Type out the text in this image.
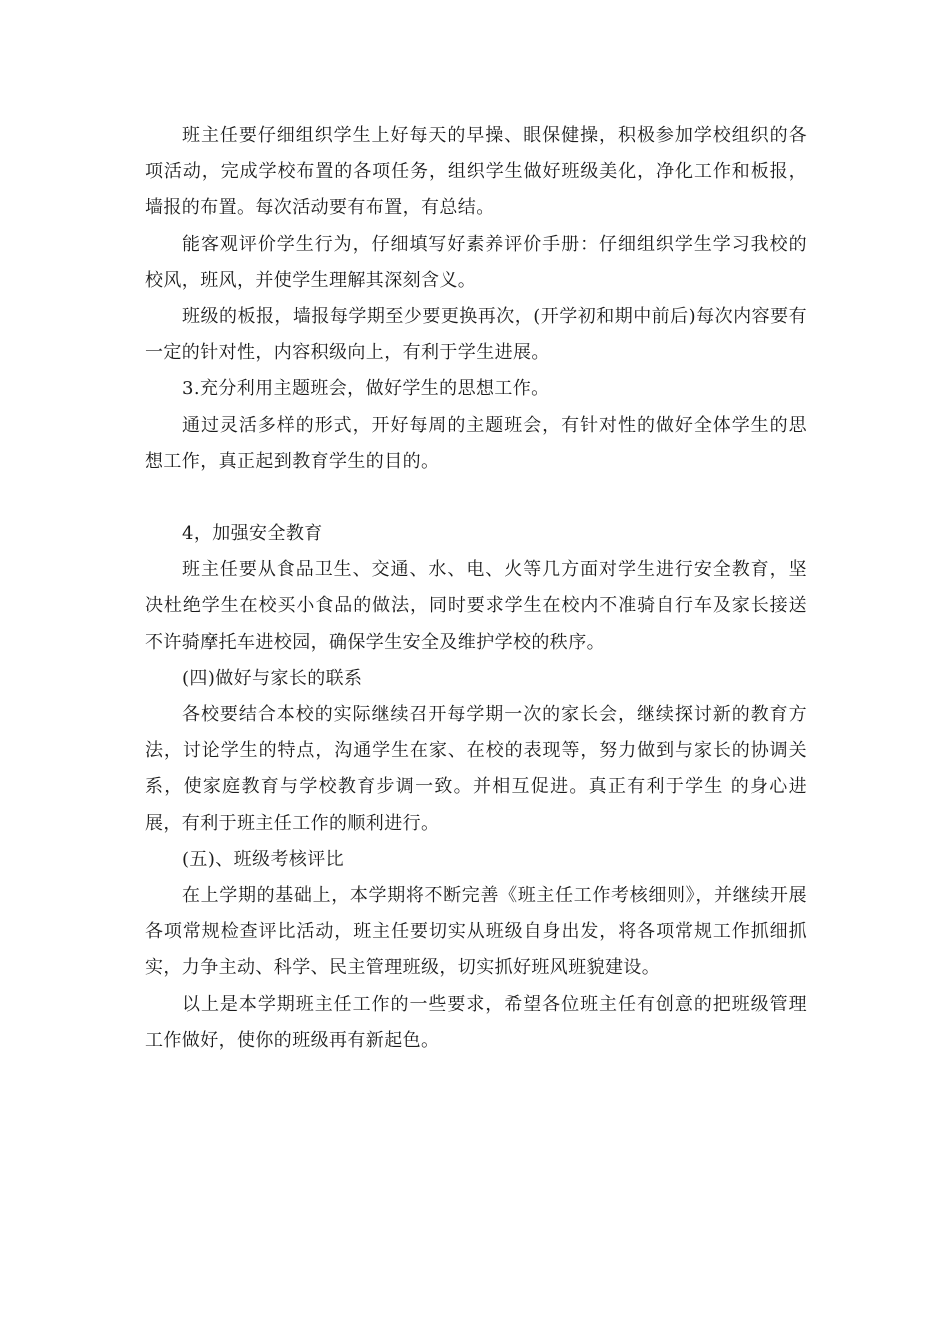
班主任要仔细组织学生上好每天的早操、眼保健操，积极参加学校组织的各项活动，完成学校布置的各项任务，组织学生做好班级美化，净化工作和板报，墙报的布置。每次活动要有布置，有总结。

能客观评价学生行为，仔细填写好素养评价手册：仔细组织学生学习我校的校风，班风，并使学生理解其深刻含义。

班级的板报，墙报每学期至少要更换再次，(开学初和期中前后)每次内容要有一定的针对性，内容积级向上，有利于学生进展。

3.充分利用主题班会，做好学生的思想工作。

通过灵活多样的形式，开好每周的主题班会，有针对性的做好全体学生的思想工作，真正起到教育学生的目的。

4，加强安全教育

班主任要从食品卫生、交通、水、电、火等几方面对学生进行安全教育，坚决杜绝学生在校买小食品的做法，同时要求学生在校内不准骑自行车及家长接送不许骑摩托车进校园，确保学生安全及维护学校的秩序。

(四)做好与家长的联系

各校要结合本校的实际继续召开每学期一次的家长会，继续探讨新的教育方法，讨论学生的特点，沟通学生在家、在校的表现等，努力做到与家长的协调关系，使家庭教育与学校教育步调一致。并相互促进。真正有利于学生 的身心进展，有利于班主任工作的顺利进行。

(五)、班级考核评比

在上学期的基础上，本学期将不断完善《班主任工作考核细则》，并继续开展各项常规检查评比活动，班主任要切实从班级自身出发，将各项常规工作抓细抓实，力争主动、科学、民主管理班级，切实抓好班风班貌建设。

以上是本学期班主任工作的一些要求，希望各位班主任有创意的把班级管理工作做好，使你的班级再有新起色。
